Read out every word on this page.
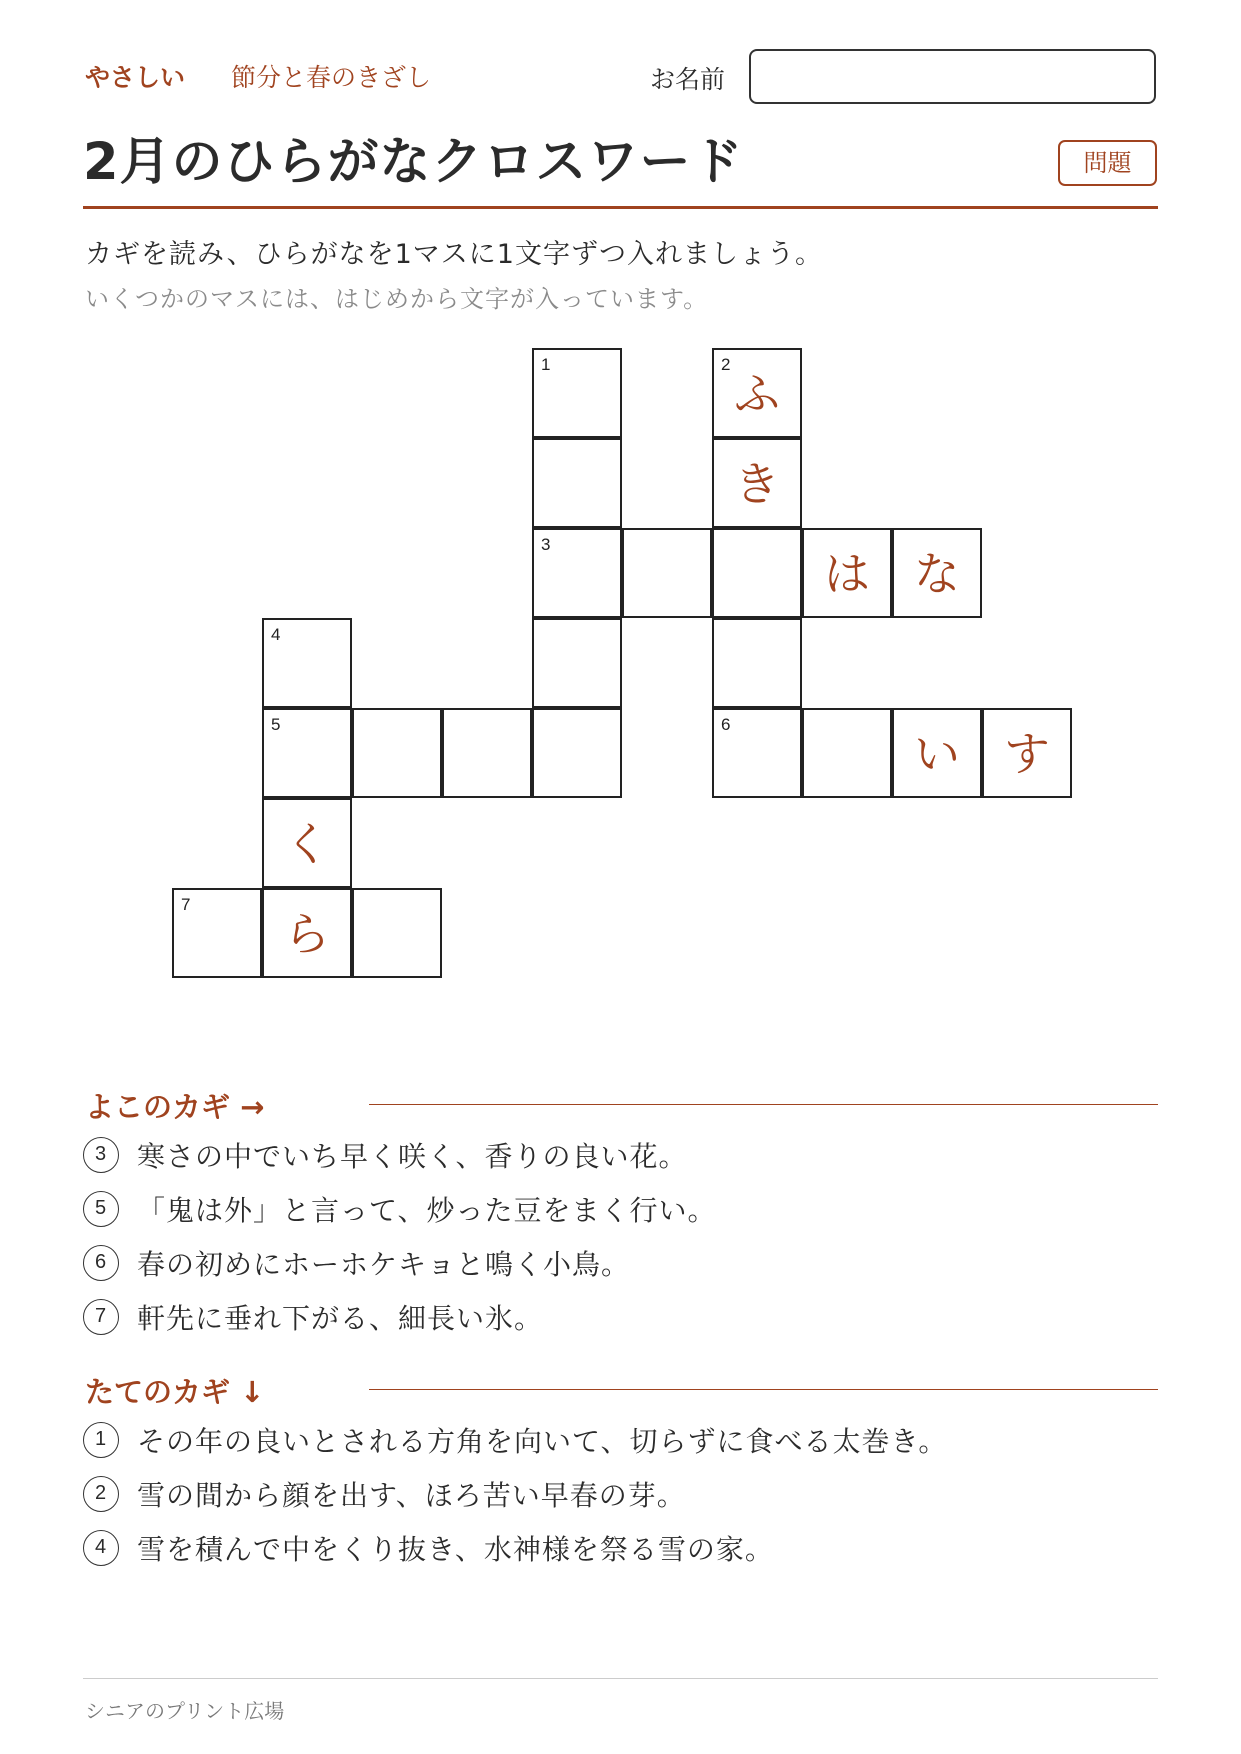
やさしい 節分と春のきざし	お名前
2月のひらがなクロスワード	問題
カギを読み、ひらがなを1マスに1文字ずつ入れましょう。
いくつかのマスには、はじめから文字が入っています。
1	2
ふ
き
3
は な
4
5	6
い す
く
7
ら
よこのカギ →
3 寒さの中でいち早く咲く、香りの良い花。
5 「鬼は外」と言って、炒った豆をまく行い。
6 春の初めにホーホケキョと鳴く小鳥。
7 軒先に垂れ下がる、細長い氷。
たてのカギ ↓
1 その年の良いとされる方角を向いて、切らずに食べる太巻き。
2 雪の間から顔を出す、ほろ苦い早春の芽。
4 雪を積んで中をくり抜き、水神様を祭る雪の家。
シニアのプリント広場
